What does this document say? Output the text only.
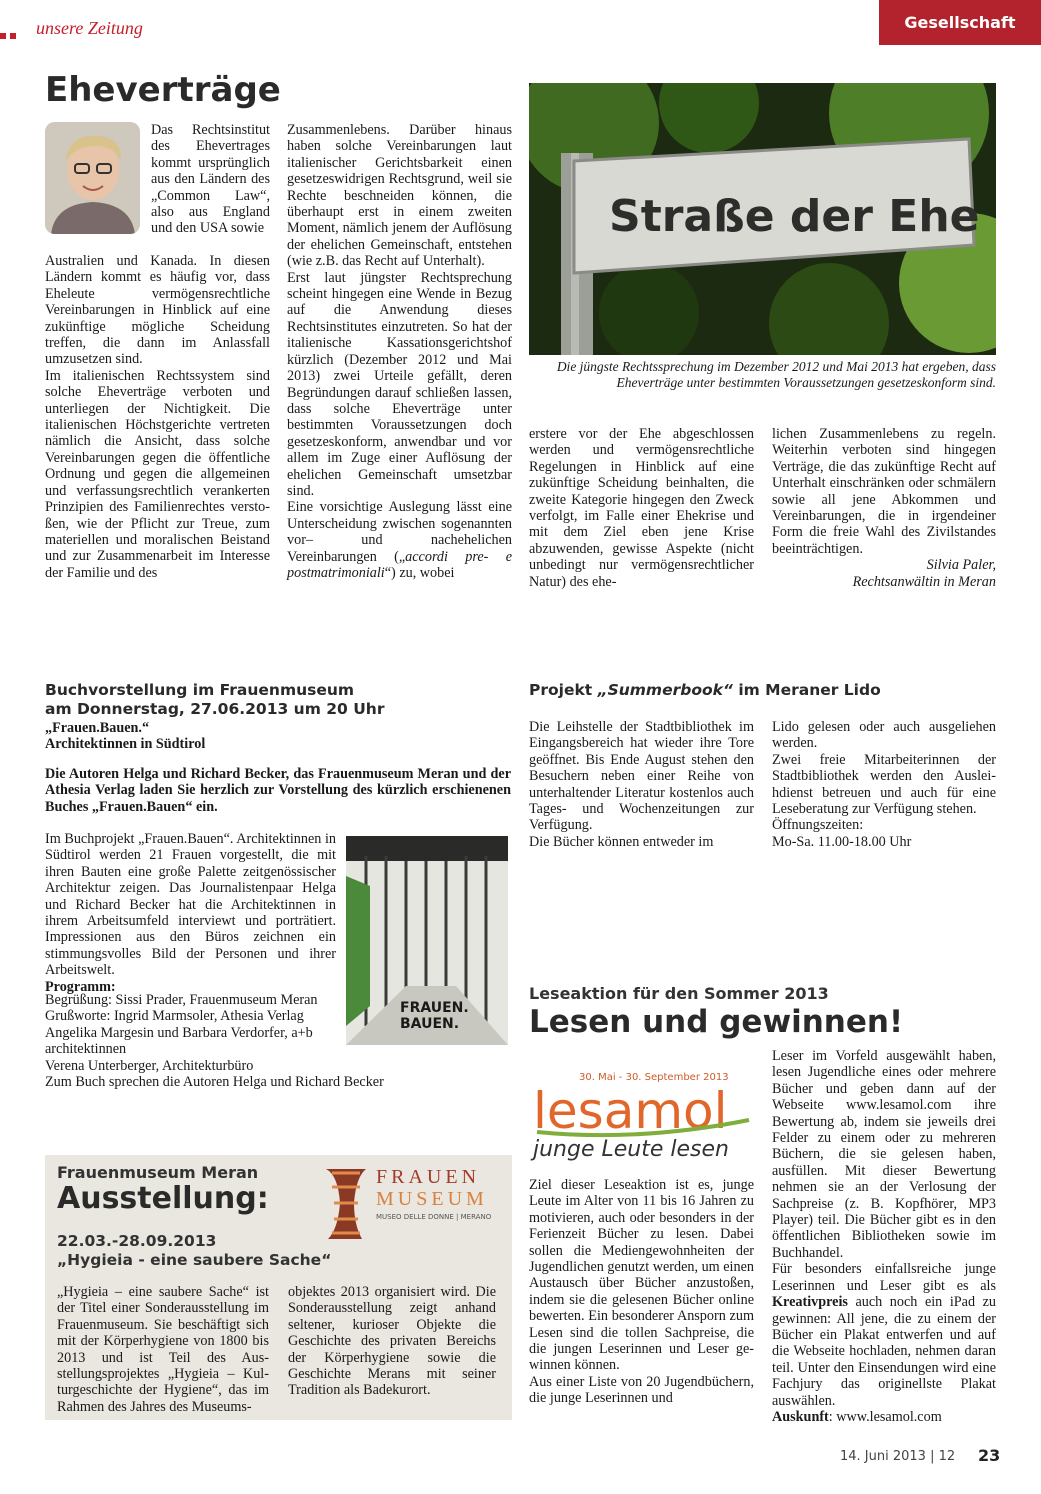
unsere Zeitung	Gesellschaft
Eheverträge
Das Rechtsinstitut des Ehevertrages kommt ursprünglich aus den Ländern des „Common Law“, also aus England und den USA sowie

Australien und Kanada. In diesen Ländern kommt es häufig vor, dass Eheleute vermögensrechtliche Vereinbarungen in Hinblick auf eine zukünftige mögliche Scheidung treffen, die dann im Anlassfall umzusetzen sind.

Im italienischen Rechtssystem sind solche Eheverträge verboten und unterliegen der Nichtigkeit. Die italienischen Höchstgerichte vertreten nämlich die Ansicht, dass solche Vereinbarungen gegen die öffentliche Ordnung und gegen die allgemeinen und verfassungsrechtlich verankerten Prinzipien des Familienrechtes verstoßen, wie der Pflicht zur Treue, zum materiellen und moralischen Beistand und zur Zusammenarbeit im Interesse der Familie und des

Zusammenlebens. Darüber hinaus haben solche Vereinbarungen laut italienischer Gerichtsbarkeit einen gesetzeswidrigen Rechtsgrund, weil sie Rechte beschneiden können, die überhaupt erst in einem zweiten Moment, nämlich jenem der Auflösung der ehelichen Gemeinschaft, entstehen (wie z.B. das Recht auf Unterhalt).

Erst laut jüngster Rechtsprechung scheint hingegen eine Wende in Bezug auf die Anwendung dieses Rechtsinstitutes einzutreten. So hat der italienische Kassationsgerichtshof kürzlich (Dezember 2012 und Mai 2013) zwei Urteile gefällt, deren Begründungen darauf schließen lassen, dass solche Eheverträge unter bestimmten Voraussetzungen doch gesetzeskonform, anwendbar und vor allem im Zuge einer Auflösung der ehelichen Gemeinschaft umsetzbar sind.

Eine vorsichtige Auslegung lässt eine Unterscheidung zwischen sogenannten vor– und nachehelichen Vereinbarungen („accordi pre- e postmatrimoniali“) zu, wobei

Straße der Ehe
Die jüngste Rechtssprechung im Dezember 2012 und Mai 2013 hat ergeben, dass Eheverträge unter bestimmten Voraussetzungen gesetzeskonform sind.
erstere vor der Ehe abgeschlossen werden und vermögensrechtliche Regelungen in Hinblick auf eine zukünftige Scheidung beinhalten, die zweite Kategorie hingegen den Zweck verfolgt, im Falle einer Ehekrise und mit dem Ziel eben jene Krise abzuwenden, gewisse Aspekte (nicht unbedingt nur vermögensrechtlicher Natur) des ehe-

lichen Zusammenlebens zu regeln. Weiterhin verboten sind hingegen Verträge, die das zukünftige Recht auf Unterhalt einschränken oder schmälern sowie all jene Abkommen und Vereinbarungen, die in irgendeiner Form die freie Wahl des Zivilstandes beeinträchtigen.

Silvia Paler,

Rechtsanwältin in Meran

Buchvorstellung im Frauenmuseum
am Donnerstag, 27.06.2013 um 20 Uhr
„Frauen.Bauen.“
Architektinnen in Südtirol
Die Autoren Helga und Richard Becker, das Frauenmuseum Meran und der Athesia Verlag laden Sie herzlich zur Vorstellung des kürzlich erschienenen Buches „Frauen.Bauen“ ein.

Im Buchprojekt „Frauen.Bauen“. Architektinnen in Südtirol werden 21 Frauen vorgestellt, die mit ihren Bauten eine große Palette zeitgenössischer Architektur zeigen. Das Journalistenpaar Helga und Richard Becker hat die Architektinnen in ihrem Arbeitsumfeld interviewt und porträtiert. Impressionen aus den Büros zeichnen ein stimmungsvolles Bild der Personen und ihrer Arbeitswelt.

Programm:

Begrüßung: Sissi Prader, Frauenmuseum Meran

Grußworte: Ingrid Marmsoler, Athesia Verlag

Angelika Margesin und Barbara Verdorfer, a+b architektinnen

Verena Unterberger, Architekturbüro

Zum Buch sprechen die Autoren Helga und Richard Becker

FRAUEN.
BAUEN.
Frauenmuseum Meran
Ausstellung:
22.03.-28.09.2013
„Hygieia - eine saubere Sache“
FRAUEN
MUSEUM
MUSEO DELLE DONNE | MERANO
„Hygieia – eine saubere Sache“ ist der Titel einer Sonderausstellung im Frauenmuseum. Sie beschäftigt sich mit der Körperhygiene von 1800 bis 2013 und ist Teil des Ausstellungsprojektes „Hygieia – Kulturgeschichte der Hygiene“, das im Rahmen des Jahres des Museums-
objektes 2013 organisiert wird. Die Sonderausstellung zeigt anhand seltener, kurioser Objekte die Geschichte des privaten Bereichs der Körperhygiene sowie die Geschichte Merans mit seiner Tradition als Badekurort.
Projekt „Summerbook“ im Meraner Lido

Die Leihstelle der Stadtbibliothek im Eingangsbereich hat wieder ihre Tore geöffnet. Bis Ende August stehen den Besuchern neben einer Reihe von unterhaltender Literatur kostenlos auch Tages- und Wochenzeitungen zur Verfügung.

Die Bücher können entweder im

Lido gelesen oder auch ausgeliehen werden.

Zwei freie Mitarbeiterinnen der Stadtbibliothek werden den Ausleihdienst betreuen und auch für eine Leseberatung zur Verfügung stehen.

Öffnungszeiten:

Mo-Sa. 11.00-18.00 Uhr

Leseaktion für den Sommer 2013
Lesen und gewinnen!
30. Mai - 30. September 2013
lesamol
junge Leute lesen

Ziel dieser Leseaktion ist es, junge Leute im Alter von 11 bis 16 Jahren zu motivieren, auch oder besonders in der Ferienzeit Bücher zu lesen. Dabei sollen die Mediengewohnheiten der Jugendlichen genutzt werden, um einen Austausch über Bücher anzustoßen, indem sie die gelesenen Bücher online bewerten. Ein besonderer Ansporn zum Lesen sind die tollen Sachpreise, die die jungen Leserinnen und Leser gewinnen können.

Aus einer Liste von 20 Jugendbüchern, die junge Leserinnen und

Leser im Vorfeld ausgewählt haben, lesen Jugendliche eines oder mehrere Bücher und geben dann auf der Webseite www.lesamol.com ihre Bewertung ab, indem sie jeweils drei Felder zu einem oder zu mehreren Büchern, die sie gelesen haben, ausfüllen. Mit dieser Bewertung nehmen sie an der Verlosung der Sachpreise (z. B. Kopfhörer, MP3 Player) teil. Die Bücher gibt es in den öffentlichen Bibliotheken sowie im Buchhandel.

Für besonders einfallsreiche junge Leserinnen und Leser gibt es als Kreativpreis auch noch ein iPad zu gewinnen: All jene, die zu einem der Bücher ein Plakat entwerfen und auf die Webseite hochladen, nehmen daran teil. Unter den Einsendungen wird eine Fachjury das originellste Plakat auswählen.

Auskunft: www.lesamol.com

14. Juni 2013 | 12 23
